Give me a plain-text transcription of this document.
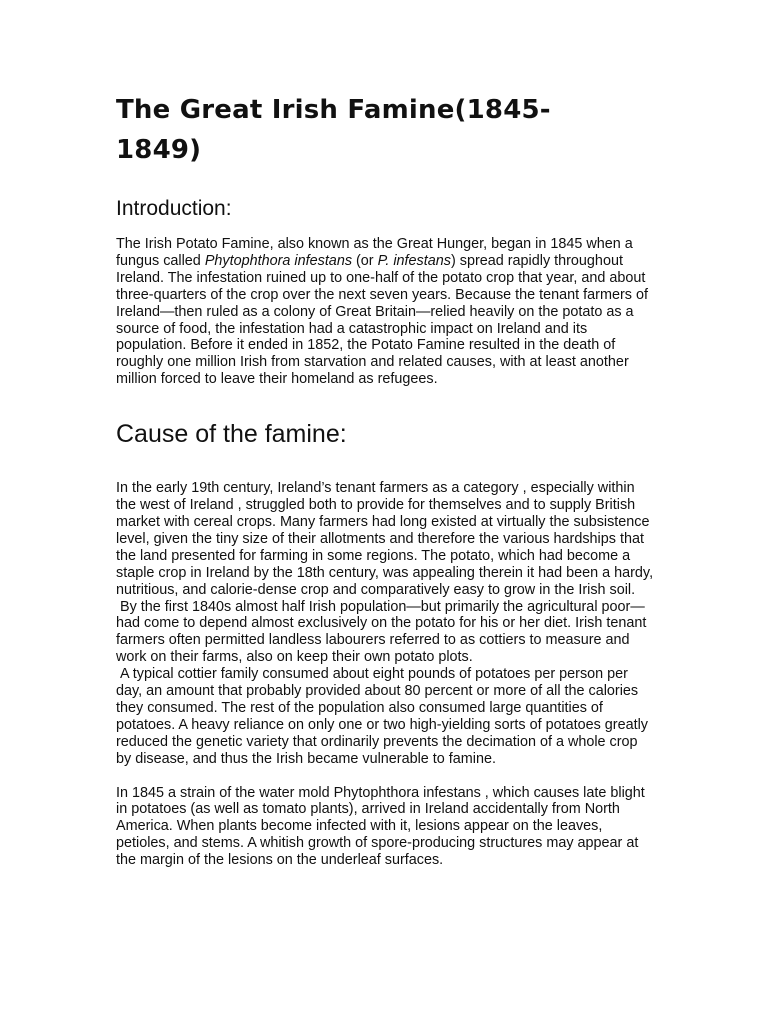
The Great Irish Famine(1845-
1849)
Introduction:

The Irish Potato Famine, also known as the Great Hunger, began in 1845 when a fungus called Phytophthora infestans (or P. infestans) spread rapidly throughout Ireland. The infestation ruined up to one-half of the potato crop that year, and about three-quarters of the crop over the next seven years. Because the tenant farmers of Ireland—then ruled as a colony of Great Britain—relied heavily on the potato as a source of food, the infestation had a catastrophic impact on Ireland and its population. Before it ended in 1852, the Potato Famine resulted in the death of roughly one million Irish from starvation and related causes, with at least another million forced to leave their homeland as refugees.

Cause of the famine:

In the early 19th century, Ireland’s tenant farmers as a category , especially within the west of Ireland , struggled both to provide for themselves and to supply British market with cereal crops. Many farmers had long existed at virtually the subsistence level, given the tiny size of their allotments and therefore the various hardships that the land presented for farming in some regions. The potato, which had become a staple crop in Ireland by the 18th century, was appealing therein it had been a hardy, nutritious, and calorie-dense crop and comparatively easy to grow in the Irish soil.

By the first 1840s almost half Irish population—but primarily the agricultural poor—had come to depend almost exclusively on the potato for his or her diet. Irish tenant farmers often permitted landless labourers referred to as cottiers to measure and work on their farms, also on keep their own potato plots.

A typical cottier family consumed about eight pounds of potatoes per person per day, an amount that probably provided about 80 percent or more of all the calories they consumed. The rest of the population also consumed large quantities of potatoes. A heavy reliance on only one or two high-yielding sorts of potatoes greatly reduced the genetic variety that ordinarily prevents the decimation of a whole crop by disease, and thus the Irish became vulnerable to famine.

In 1845 a strain of the water mold Phytophthora infestans , which causes late blight in potatoes (as well as tomato plants), arrived in Ireland accidentally from North America. When plants become infected with it, lesions appear on the leaves, petioles, and stems. A whitish growth of spore-producing structures may appear at the margin of the lesions on the underleaf surfaces.
